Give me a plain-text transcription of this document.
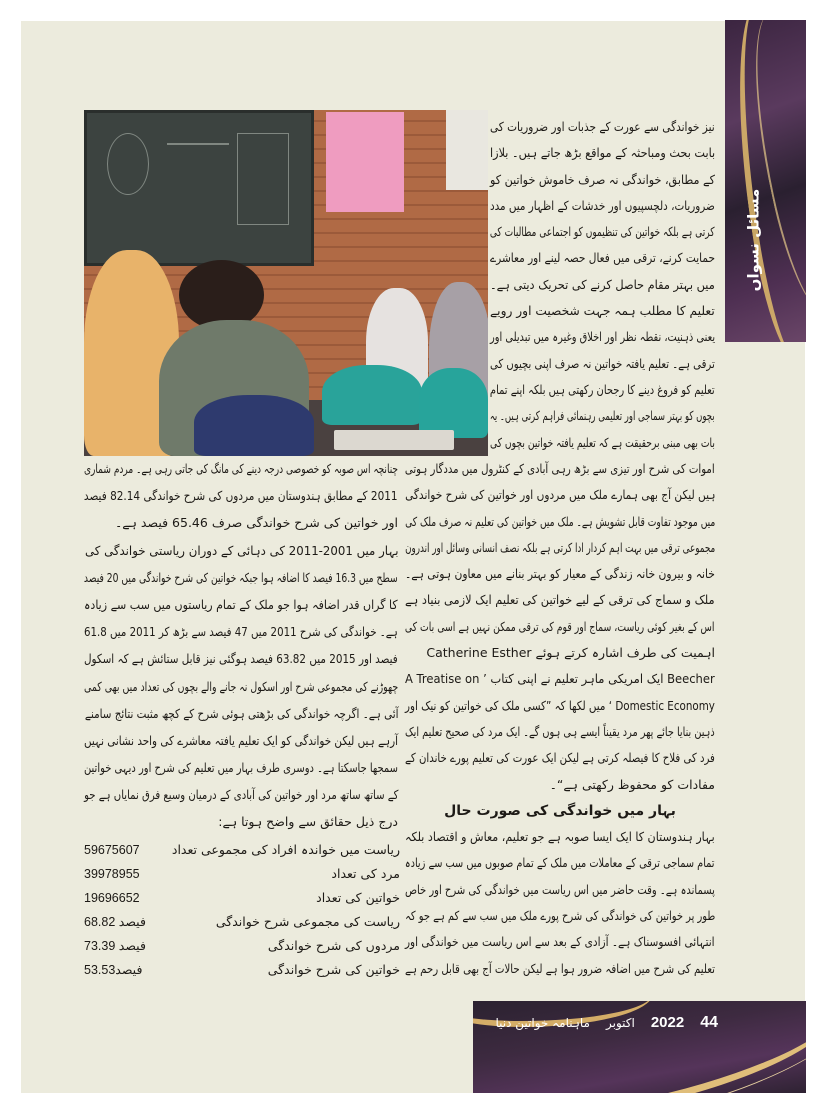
مسائل نسواں
نیز خواندگی سے عورت کے جذبات اور ضروریات کی
بابت بحث ومباحثہ کے مواقع بڑھ جاتے ہیں۔ بلازا
کے مطابق، خواندگی نہ صرف خاموش خواتین کو
ضروریات، دلچسپیوں اور خدشات کے اظہار میں مدد
کرتی ہے بلکہ خواتین کی تنظیموں کو اجتماعی مطالبات کی
حمایت کرنے، ترقی میں فعال حصہ لینے اور معاشرے
میں بہتر مقام حاصل کرنے کی تحریک دیتی ہے۔
تعلیم کا مطلب ہمہ جہت شخصیت اور رویے
یعنی ذہنیت، نقطہ نظر اور اخلاق وغیرہ میں تبدیلی اور
ترقی ہے۔ تعلیم یافتہ خواتین نہ صرف اپنی بچیوں کی
تعلیم کو فروغ دینے کا رجحان رکھتی ہیں بلکہ اپنے تمام
بچوں کو بہتر سماجی اور تعلیمی رہنمائی فراہم کرتی ہیں۔ یہ
بات بھی مبنی برحقیقت ہے کہ تعلیم یافتہ خواتین بچوں کی
اموات کی شرح اور تیزی سے بڑھ رہی آبادی کے کنٹرول میں مددگار ہوتی
ہیں لیکن آج بھی ہمارے ملک میں مردوں اور خواتین کی شرح خواندگی
میں موجود تفاوت قابل تشویش ہے۔ ملک میں خواتین کی تعلیم نہ صرف ملک کی
مجموعی ترقی میں بہت اہم کردار ادا کرتی ہے بلکہ نصف انسانی وسائل اور اندرون
خانہ و بیرون خانہ زندگی کے معیار کو بہتر بنانے میں معاون ہوتی ہے۔
ملک و سماج کی ترقی کے لیے خواتین کی تعلیم ایک لازمی بنیاد ہے
اس کے بغیر کوئی ریاست، سماج اور قوم کی ترقی ممکن نہیں ہے اسی بات کی
اہمیت کی طرف اشارہ کرتے ہوئے Catherine Esther
Beecher ایک امریکی ماہر تعلیم نے اپنی کتاب ’ A Treatise on
Domestic Economy ‘ میں لکھا کہ ”کسی ملک کی خواتین کو نیک اور
ذہین بنایا جائے پھر مرد یقیناً ایسے ہی ہوں گے۔ ایک مرد کی صحیح تعلیم ایک
فرد کی فلاح کا فیصلہ کرتی ہے لیکن ایک عورت کی تعلیم پورے خاندان کے
مفادات کو محفوظ رکھتی ہے“۔
بہار میں خواندگی کی صورت حال
بہار ہندوستان کا ایک ایسا صوبہ ہے جو تعلیم، معاش و اقتصاد بلکہ
تمام سماجی ترقی کے معاملات میں ملک کے تمام صوبوں میں سب سے زیادہ
پسماندہ ہے۔ وقت حاضر میں اس ریاست میں خواندگی کی شرح اور خاص
طور پر خواتین کی خواندگی کی شرح پورے ملک میں سب سے کم ہے جو کہ
انتہائی افسوسناک ہے۔ آزادی کے بعد سے اس ریاست میں خواندگی اور
تعلیم کی شرح میں اضافہ ضرور ہوا ہے لیکن حالات آج بھی قابل رحم ہے
چنانچہ اس صوبہ کو خصوصی درجہ دینے کی مانگ کی جاتی رہی ہے۔ مردم شماری
2011 کے مطابق ہندوستان میں مردوں کی شرح خواندگی 82.14 فیصد
اور خواتین کی شرح خواندگی صرف 65.46 فیصد ہے۔
بہار میں 2001-2011 کی دہائی کے دوران ریاستی خواندگی کی
سطح میں 16.3 فیصد کا اضافہ ہوا جبکہ خواتین کی شرح خواندگی میں 20 فیصد
کا گراں قدر اضافہ ہوا جو ملک کے تمام ریاستوں میں سب سے زیادہ
ہے۔ خواندگی کی شرح 2011 میں 47 فیصد سے بڑھ کر 2011 میں 61.8
فیصد اور 2015 میں 63.82 فیصد ہوگئی نیز قابل ستائش ہے کہ اسکول
چھوڑنے کی مجموعی شرح اور اسکول نہ جانے والے بچوں کی تعداد میں بھی کمی
آئی ہے۔ اگرچہ خواندگی کی بڑھتی ہوئی شرح کے کچھ مثبت نتائج سامنے
آرہے ہیں لیکن خواندگی کو ایک تعلیم یافتہ معاشرے کی واحد نشانی نہیں
سمجھا جاسکتا ہے۔ دوسری طرف بہار میں تعلیم کی شرح اور دیہی خواتین
کے ساتھ ساتھ مرد اور خواتین کی آبادی کے درمیان وسیع فرق نمایاں ہے جو
درج ذیل حقائق سے واضح ہوتا ہے:
ریاست میں خواندہ افراد کی مجموعی تعداد
59675607
مرد کی تعداد
39978955
خواتین کی تعداد
19696652
ریاست کی مجموعی شرح خواندگی
68.82 فیصد
مردوں کی شرح خواندگی
73.39 فیصد
خواتین کی شرح خواندگی
53.53فیصد
ماہنامہ خواتین دنیا اکتوبر 2022 44
